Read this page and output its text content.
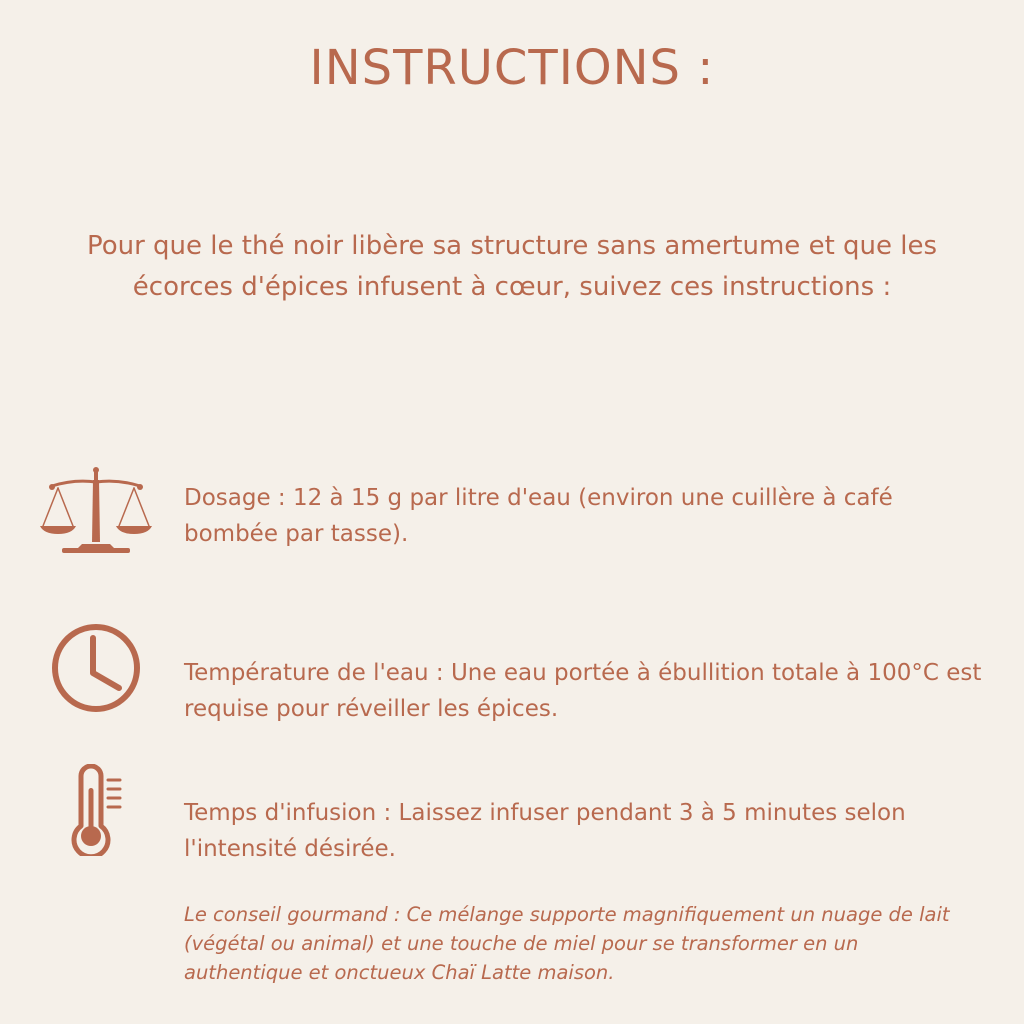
INSTRUCTIONS :

Pour que le thé noir libère sa structure sans amertume et que les écorces d'épices infusent à cœur, suivez ces instructions :

Dosage : 12 à 15 g par litre d'eau (environ une cuillère à café bombée par tasse).

Température de l'eau : Une eau portée à ébullition totale à 100°C est requise pour réveiller les épices.

Temps d'infusion : Laissez infuser pendant 3 à 5 minutes selon l'intensité désirée.

Le conseil gourmand : Ce mélange supporte magnifiquement un nuage de lait (végétal ou animal) et une touche de miel pour se transformer en un authentique et onctueux Chaï Latte maison.
